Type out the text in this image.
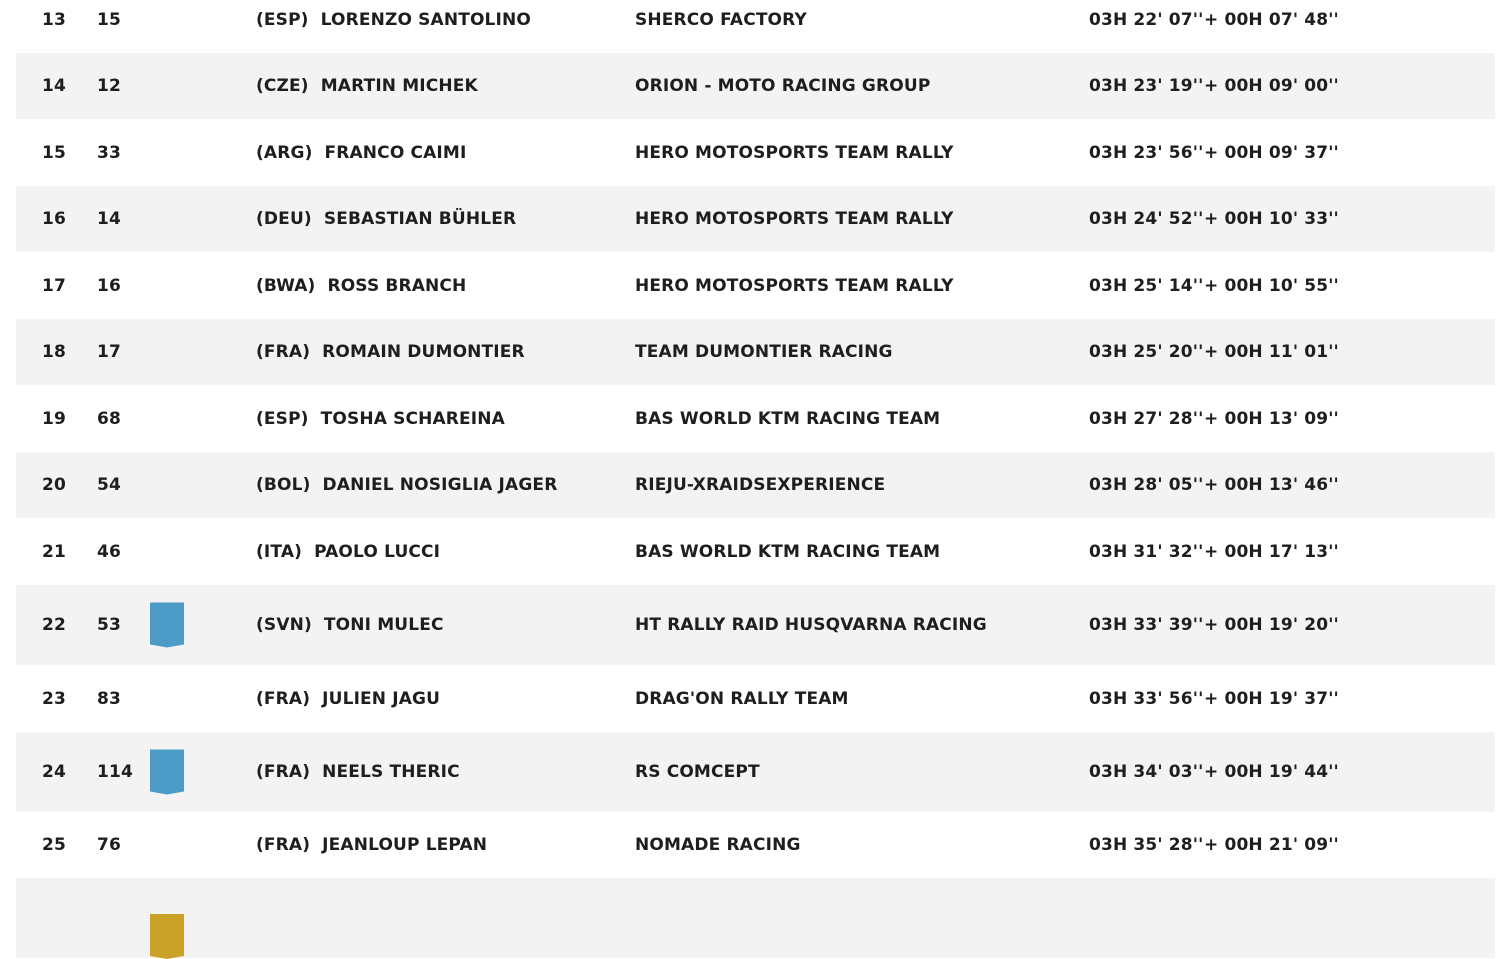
13 15	(ESP) LORENZO SANTOLINO	SHERCO FACTORY	03H 22' 07'' + 00H 07' 48''
14 12	(CZE) MARTIN MICHEK	ORION - MOTO RACING GROUP	03H 23' 19'' + 00H 09' 00''
15 33	(ARG) FRANCO CAIMI	HERO MOTOSPORTS TEAM RALLY	03H 23' 56'' + 00H 09' 37''
16 14	(DEU) SEBASTIAN BÜHLER	HERO MOTOSPORTS TEAM RALLY	03H 24' 52'' + 00H 10' 33''
17 16	(BWA) ROSS BRANCH	HERO MOTOSPORTS TEAM RALLY	03H 25' 14'' + 00H 10' 55''
18 17	(FRA) ROMAIN DUMONTIER	TEAM DUMONTIER RACING	03H 25' 20'' + 00H 11' 01''
19 68	(ESP) TOSHA SCHAREINA	BAS WORLD KTM RACING TEAM	03H 27' 28'' + 00H 13' 09''
20 54	(BOL) DANIEL NOSIGLIA JAGER	RIEJU-XRAIDSEXPERIENCE	03H 28' 05'' + 00H 13' 46''
21 46	(ITA) PAOLO LUCCI	BAS WORLD KTM RACING TEAM	03H 31' 32'' + 00H 17' 13''
22 53	(SVN) TONI MULEC	HT RALLY RAID HUSQVARNA RACING	03H 33' 39'' + 00H 19' 20''
23 83	(FRA) JULIEN JAGU	DRAG'ON RALLY TEAM	03H 33' 56'' + 00H 19' 37''
24 114	(FRA) NEELS THERIC	RS COMCEPT	03H 34' 03'' + 00H 19' 44''
25 76	(FRA) JEANLOUP LEPAN	NOMADE RACING	03H 35' 28'' + 00H 21' 09''
